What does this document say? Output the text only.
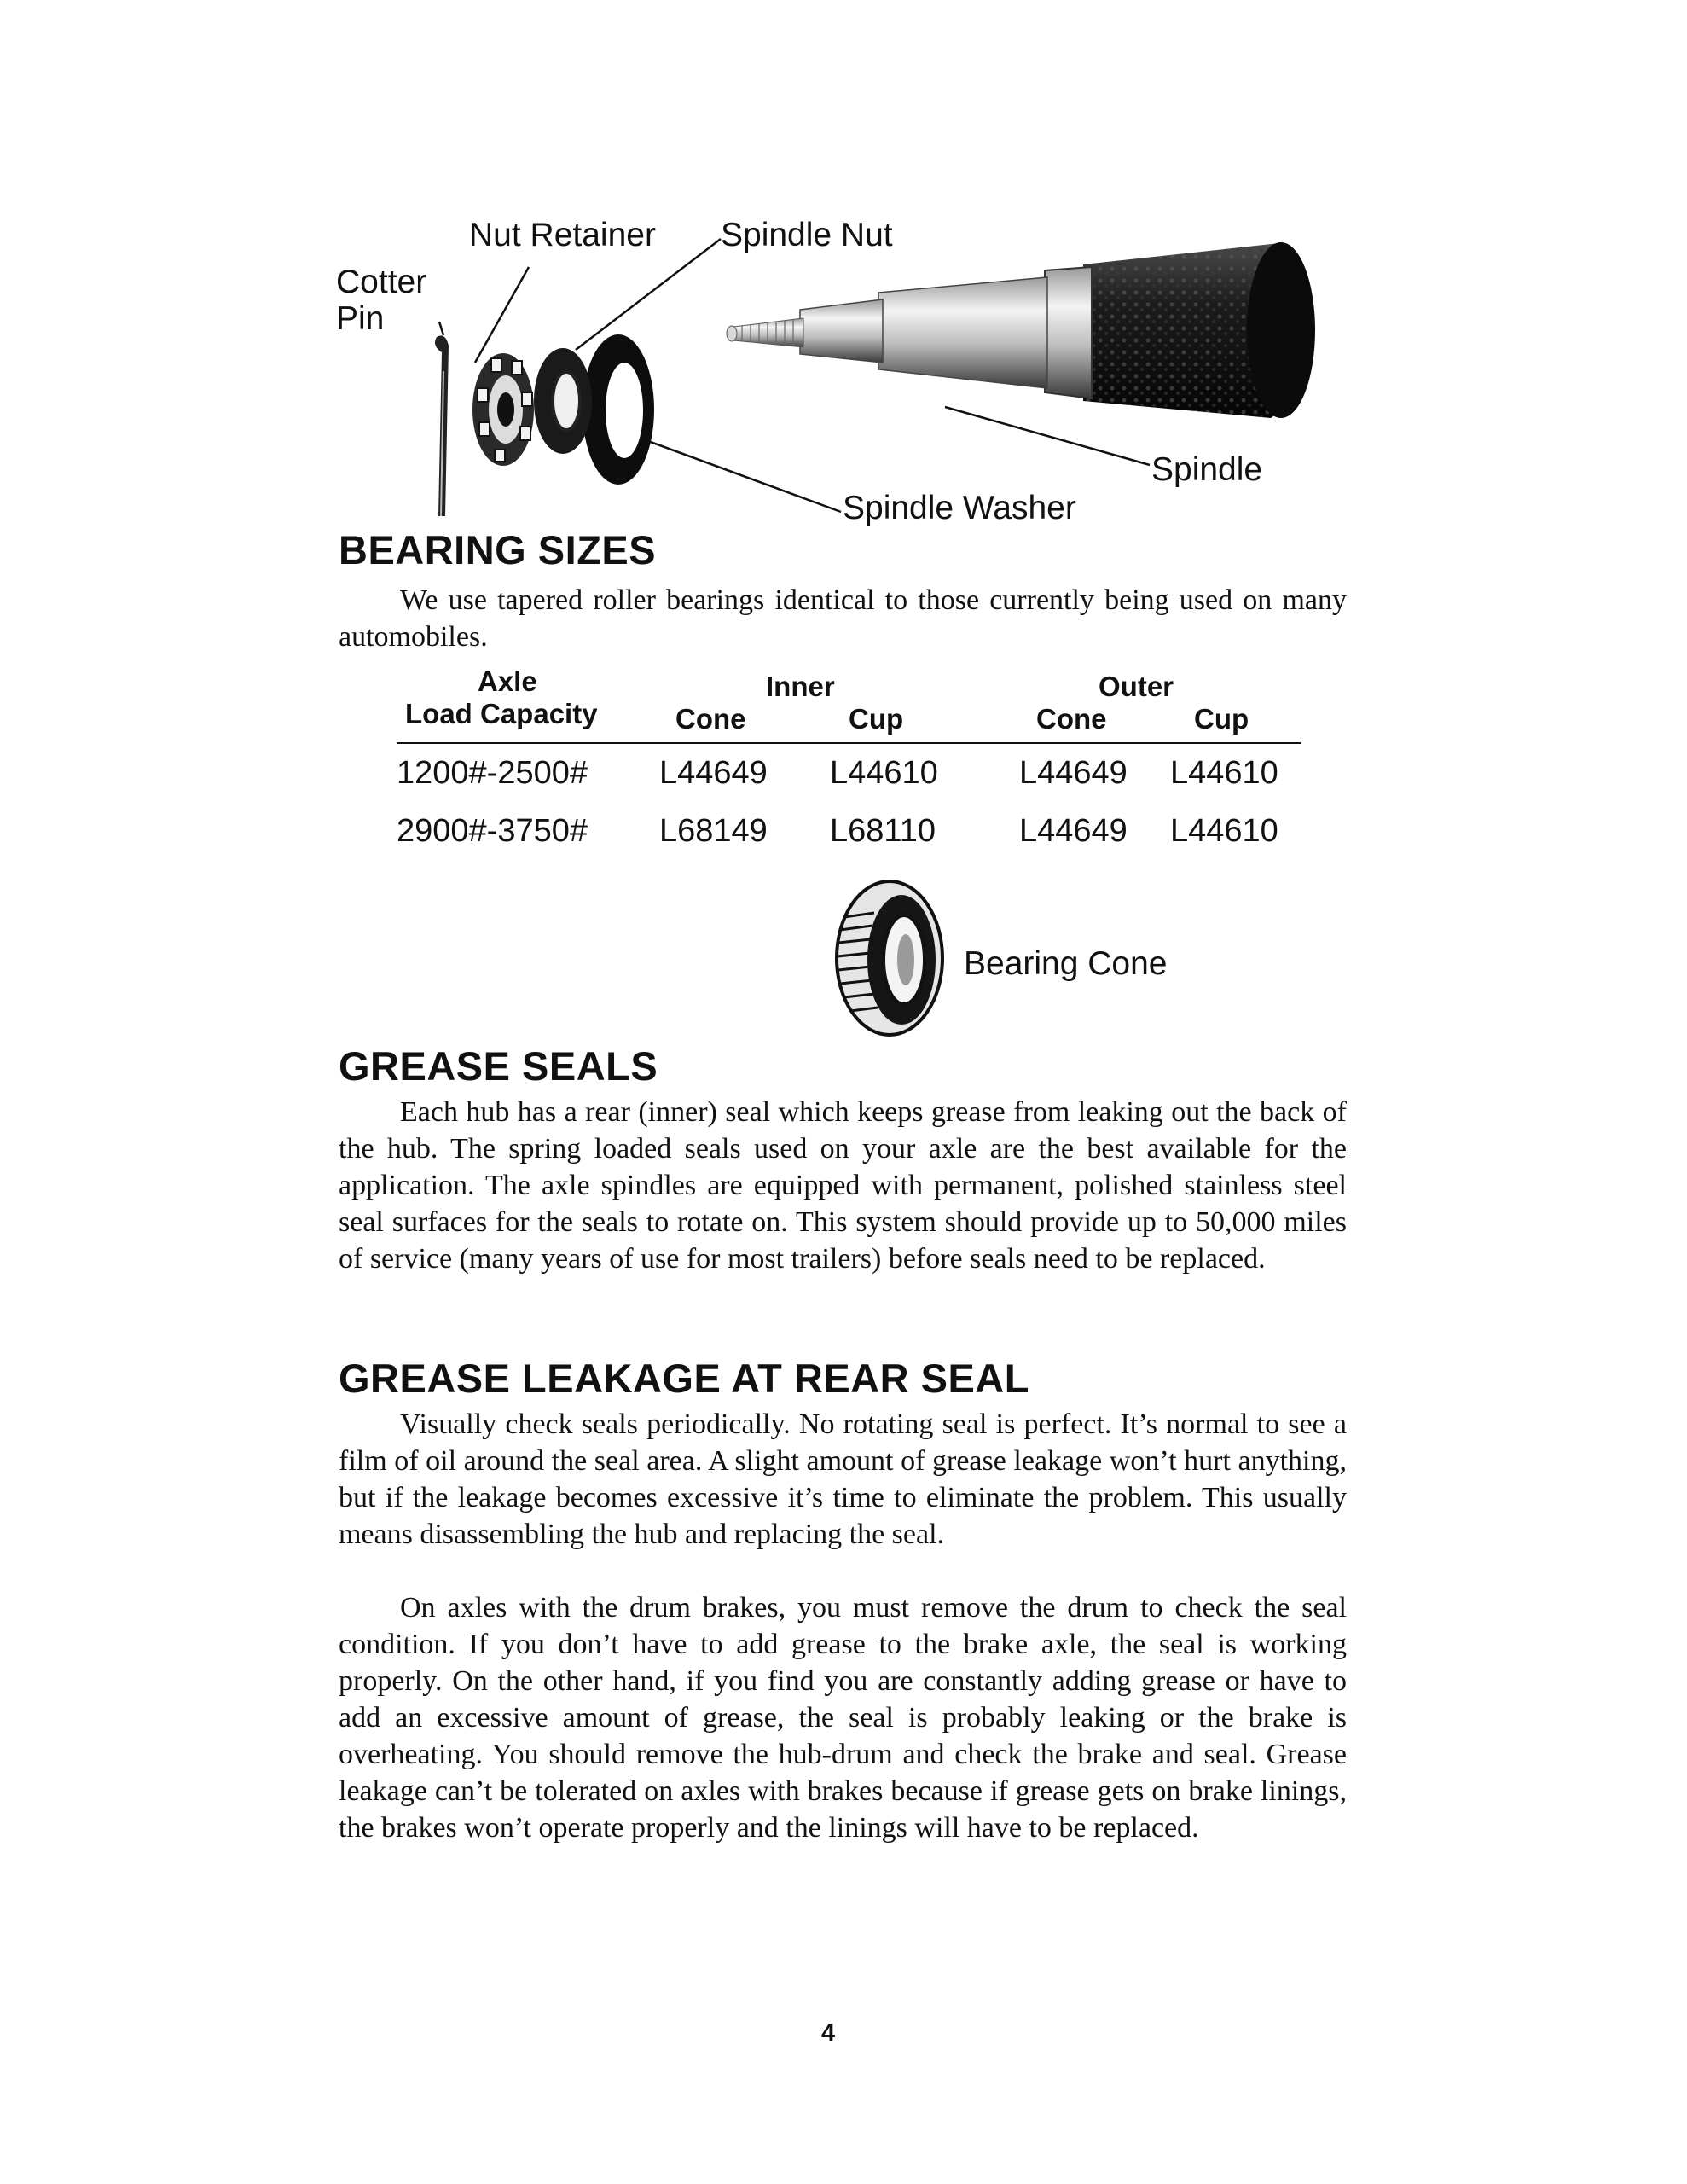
Nut Retainer Spindle Nut
Cotter
Pin
Spindle
Spindle Washer
BEARING SIZES

We use tapered roller bearings identical to those currently being used on many automobiles.

Axle
Load Capacity
Inner	Outer
Cone	Cup	Cone	Cup
1200#-2500# L44649 L44610	L44649 L44610
2900#-3750# L68149 L68110	L44649 L44610
Bearing Cone
GREASE SEALS

Each hub has a rear (inner) seal which keeps grease from leaking out the back of the hub. The spring loaded seals used on your axle are the best available for the application. The axle spindles are equipped with permanent, polished stainless steel seal surfaces for the seals to rotate on. This system should provide up to 50,000 miles of service (many years of use for most trailers) before seals need to be replaced.

GREASE LEAKAGE AT REAR SEAL

Visually check seals periodically. No rotating seal is perfect. It’s normal to see a film of oil around the seal area. A slight amount of grease leakage won’t hurt anything, but if the leakage becomes excessive it’s time to eliminate the problem. This usually means disassembling the hub and replacing the seal.

On axles with the drum brakes, you must remove the drum to check the seal condition. If you don’t have to add grease to the brake axle, the seal is working properly. On the other hand, if you find you are constantly adding grease or have to add an excessive amount of grease, the seal is probably leaking or the brake is overheating. You should remove the hub-drum and check the brake and seal. Grease leakage can’t be tolerated on axles with brakes because if grease gets on brake linings, the brakes won’t operate properly and the linings will have to be replaced.

4
